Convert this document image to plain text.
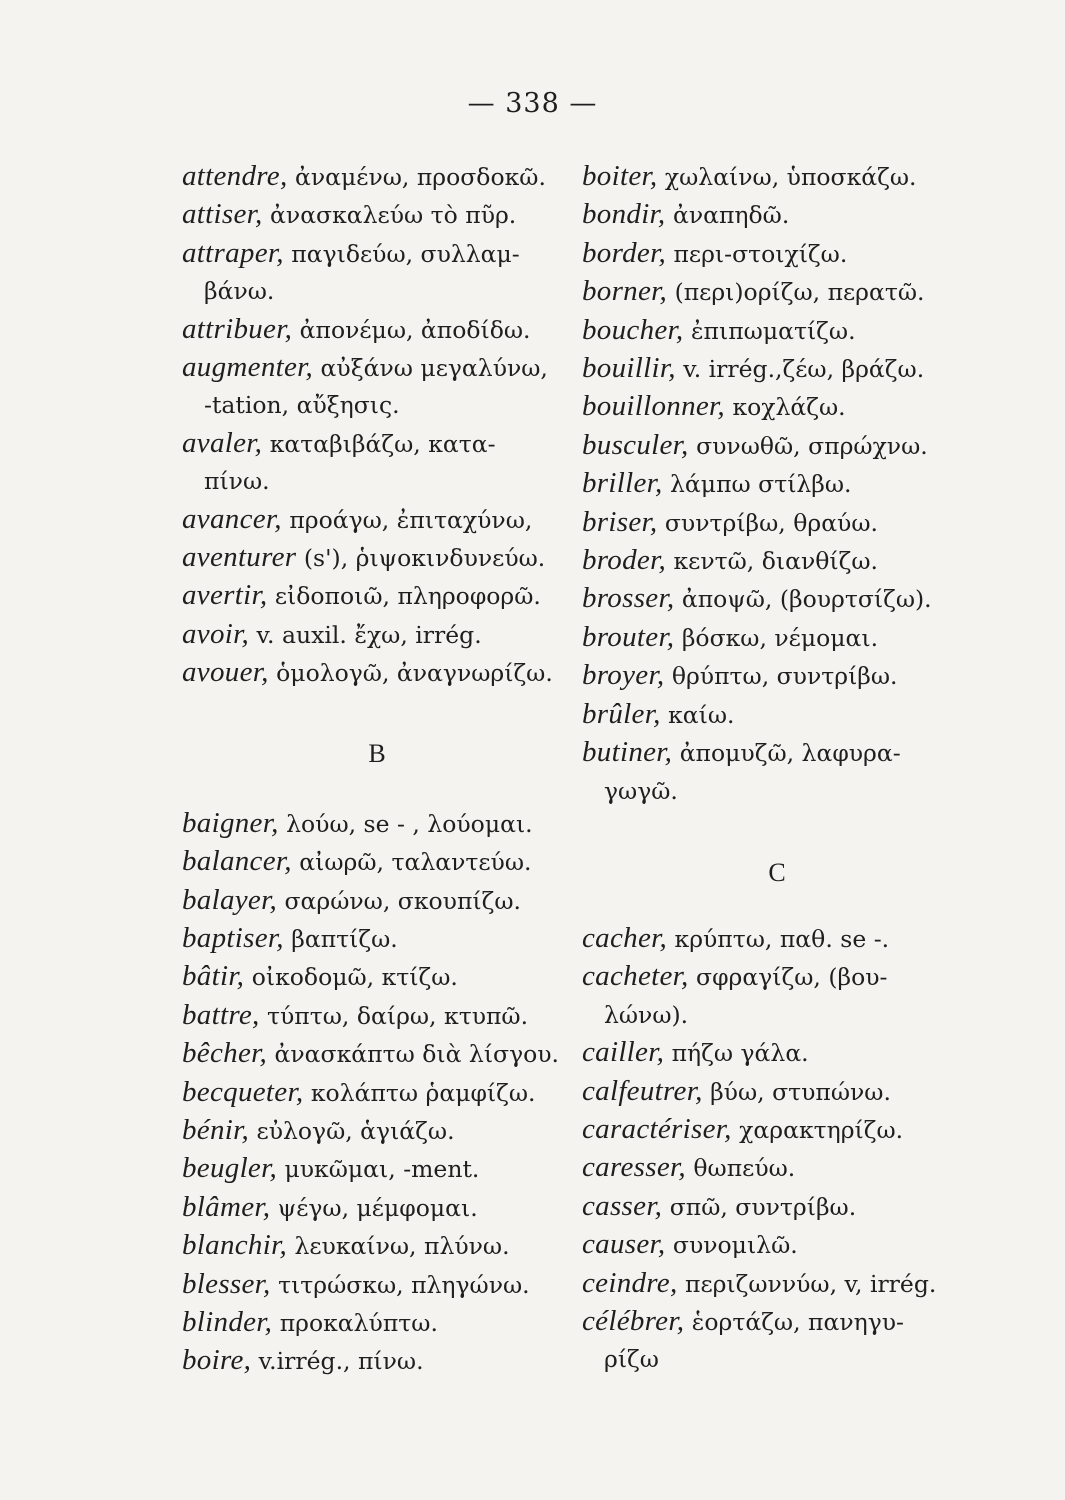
— 338 —
attendre, ἀναμένω, προσδοκῶ.
attiser, ἀνασκαλεύω τὸ πῦρ.
attraper, παγιδεύω, συλλαμ-
βάνω.
attribuer, ἀπονέμω, ἀποδίδω.
augmenter, αὐξάνω μεγαλύνω,
-tation, αὔξησις.
avaler, καταβιβάζω, κατα-
πίνω.
avancer, προάγω, ἐπιταχύνω,
aventurer (s'), ῥιψοκινδυνεύω.
avertir, εἰδοποιῶ, πληροφορῶ.
avoir, v. auxil. ἔχω, irrég.
avouer, ὁμολογῶ, ἀναγνωρίζω.
B
baigner, λούω, se - , λούομαι.
balancer, αἰωρῶ, ταλαντεύω.
balayer, σαρώνω, σκουπίζω.
baptiser, βαπτίζω.
bâtir, οἰκοδομῶ, κτίζω.
battre, τύπτω, δαίρω, κτυπῶ.
bêcher, ἀνασκάπτω διὰ λίσγου.
becqueter, κολάπτω ῥαμφίζω.
bénir, εὐλογῶ, ἁγιάζω.
beugler, μυκῶμαι, -ment.
blâmer, ψέγω, μέμφομαι.
blanchir, λευκαίνω, πλύνω.
blesser, τιτρώσκω, πληγώνω.
blinder, προκαλύπτω.
boire, v.irrég., πίνω.
boiter, χωλαίνω, ὑποσκάζω.
bondir, ἀναπηδῶ.
border, περι-στοιχίζω.
borner, (περι)ορίζω, περατῶ.
boucher, ἐπιπωματίζω.
bouillir, v. irrég.,ζέω, βράζω.
bouillonner, κοχλάζω.
busculer, συνωθῶ, σπρώχνω.
briller, λάμπω στίλβω.
briser, συντρίβω, θραύω.
broder, κεντῶ, διανθίζω.
brosser, ἀποψῶ, (βουρτσίζω).
brouter, βόσκω, νέμομαι.
broyer, θρύπτω, συντρίβω.
brûler, καίω.
butiner, ἀπομυζῶ, λαφυρα-
γωγῶ.
C
cacher, κρύπτω, παθ. se -.
cacheter, σφραγίζω, (βου-
λώνω).
cailler, πήζω γάλα.
calfeutrer, βύω, στυπώνω.
caractériser, χαρακτηρίζω.
caresser, θωπεύω.
casser, σπῶ, συντρίβω.
causer, συνομιλῶ.
ceindre, περιζωννύω, v, irrég.
célébrer, ἑορτάζω, πανηγυ-
ρίζω
